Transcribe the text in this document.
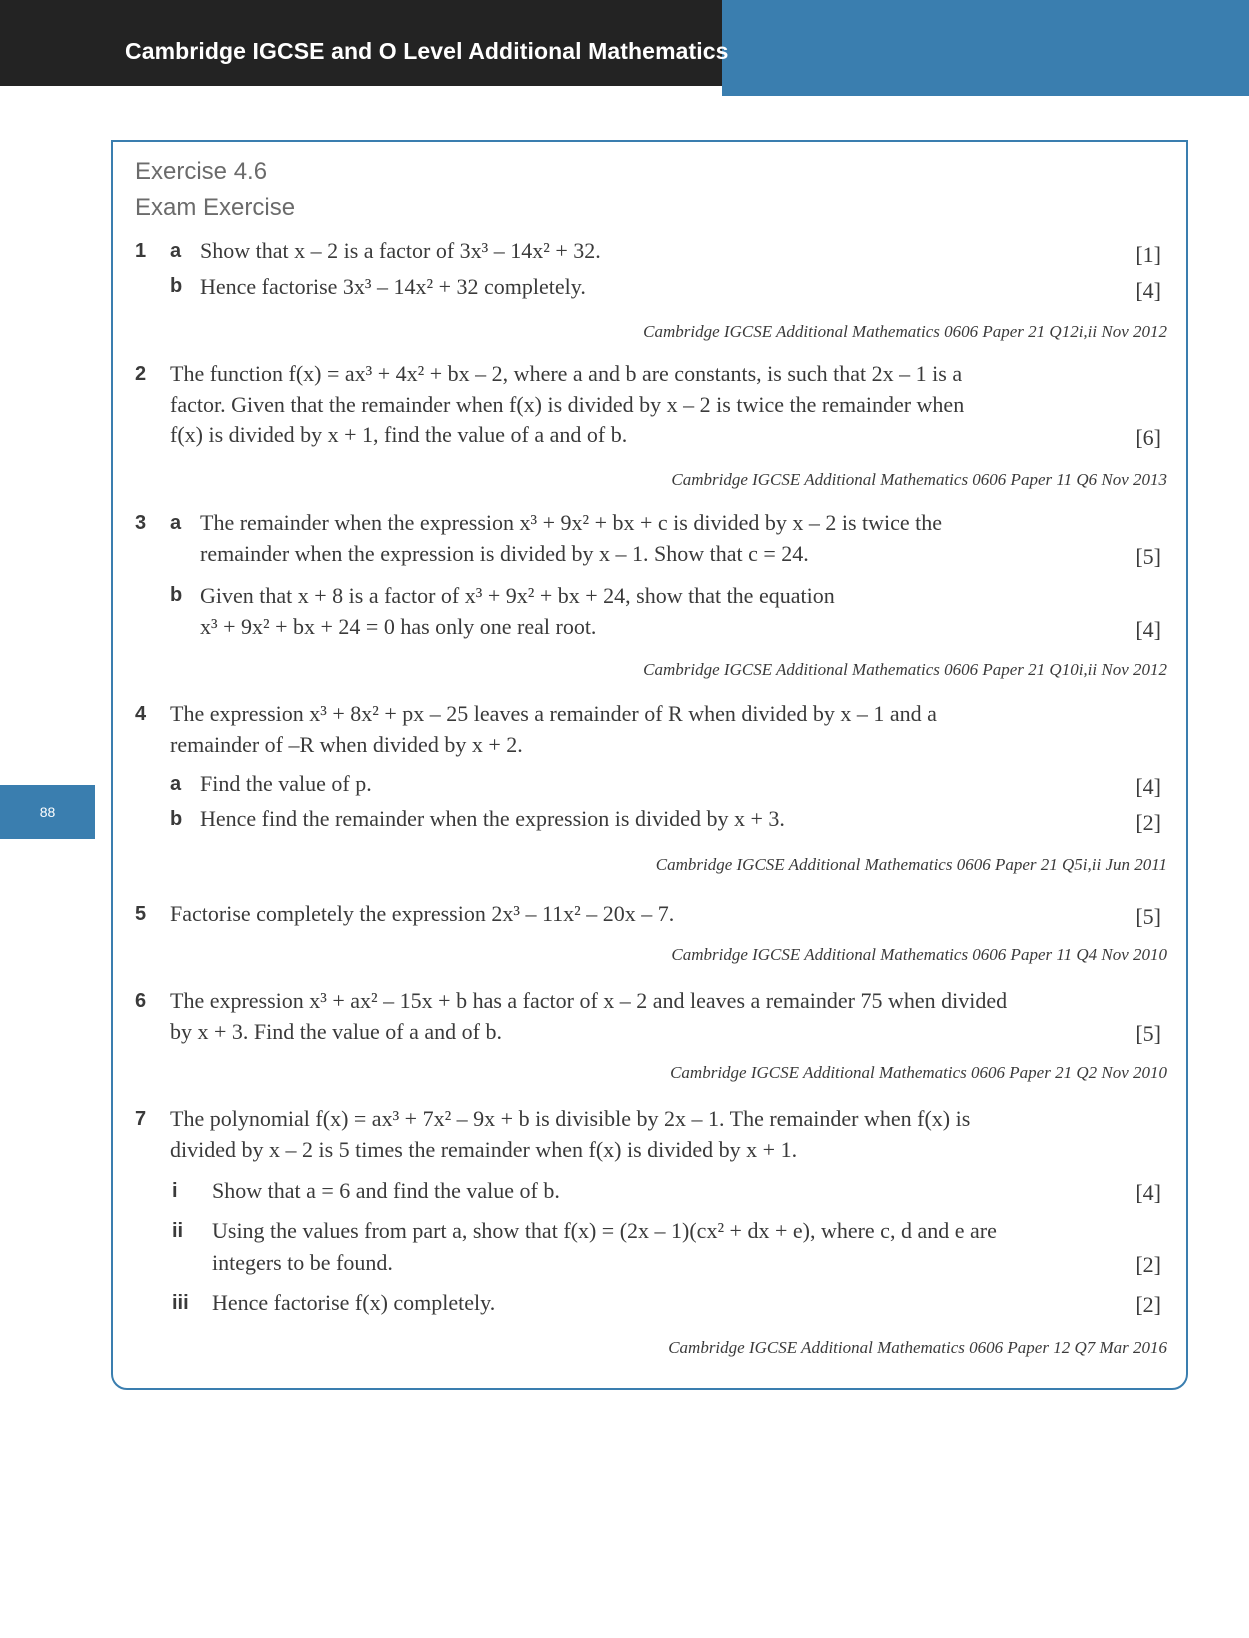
Cambridge IGCSE and O Level Additional Mathematics
88
Exercise 4.6
Exam Exercise
1 a Show that x – 2 is a factor of 3x³ – 14x² + 32.	[1]
b Hence factorise 3x³ – 14x² + 32 completely.	[4]
Cambridge IGCSE Additional Mathematics 0606 Paper 21 Q12i,ii Nov 2012
2 The function f(x) = ax³ + 4x² + bx – 2, where a and b are constants, is such that 2x – 1 is a
factor. Given that the remainder when f(x) is divided by x – 2 is twice the remainder when
f(x) is divided by x + 1, find the value of a and of b.	[6]
Cambridge IGCSE Additional Mathematics 0606 Paper 11 Q6 Nov 2013
3 a The remainder when the expression x³ + 9x² + bx + c is divided by x – 2 is twice the
remainder when the expression is divided by x – 1. Show that c = 24.	[5]
b Given that x + 8 is a factor of x³ + 9x² + bx + 24, show that the equation
x³ + 9x² + bx + 24 = 0 has only one real root.	[4]
Cambridge IGCSE Additional Mathematics 0606 Paper 21 Q10i,ii Nov 2012
4 The expression x³ + 8x² + px – 25 leaves a remainder of R when divided by x – 1 and a
remainder of –R when divided by x + 2.
a Find the value of p.	[4]
b Hence find the remainder when the expression is divided by x + 3.	[2]
Cambridge IGCSE Additional Mathematics 0606 Paper 21 Q5i,ii Jun 2011
5 Factorise completely the expression 2x³ – 11x² – 20x – 7.	[5]
Cambridge IGCSE Additional Mathematics 0606 Paper 11 Q4 Nov 2010
6 The expression x³ + ax² – 15x + b has a factor of x – 2 and leaves a remainder 75 when divided
by x + 3. Find the value of a and of b.	[5]
Cambridge IGCSE Additional Mathematics 0606 Paper 21 Q2 Nov 2010
7 The polynomial f(x) = ax³ + 7x² – 9x + b is divisible by 2x – 1. The remainder when f(x) is
divided by x – 2 is 5 times the remainder when f(x) is divided by x + 1.
i Show that a = 6 and find the value of b.	[4]
ii Using the values from part a, show that f(x) = (2x – 1)(cx² + dx + e), where c, d and e are
integers to be found.	[2]
iii Hence factorise f(x) completely.	[2]
Cambridge IGCSE Additional Mathematics 0606 Paper 12 Q7 Mar 2016
